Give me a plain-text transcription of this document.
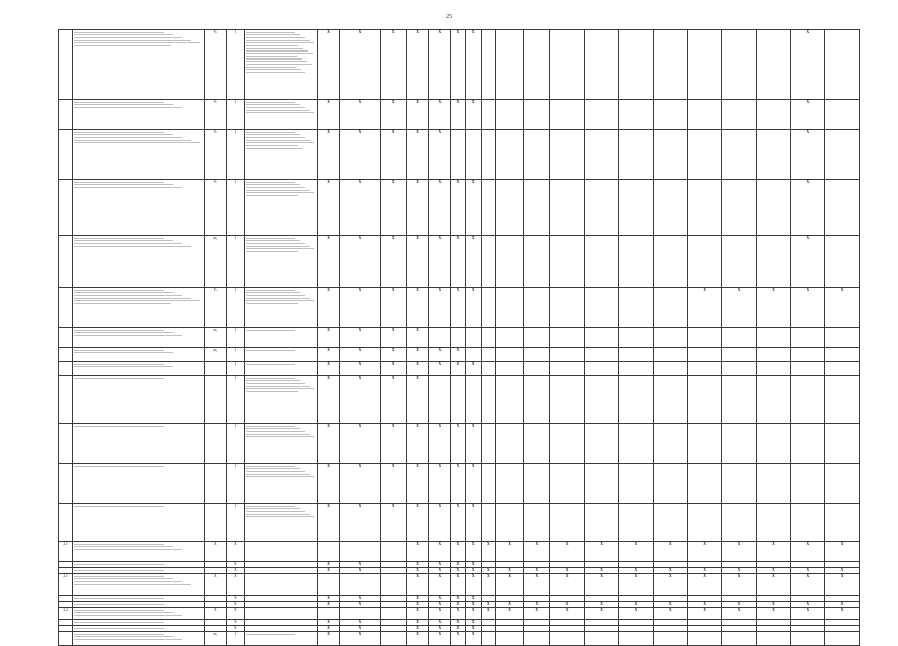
25

	%	1		Х	Х	Х	Х	Х	Х	Х											Х	

	%	1		Х	Х	Х	Х	Х	Х	Х											Х	

	%	1		Х	Х	Х	Х	Х													Х	

	%	1		Х	Х	Х	Х	Х	Х	Х											Х	

	ед.	1		Х	Х	Х	Х	Х	Х	Х											Х	

	%	1		Х	Х	Х	Х	Х	Х	Х								Х	Х	Х	Х	Х

	ед.	1		Х	Х	Х	Х															

	ед.	1		Х	Х	Х	Х	Х	Х													

		1		Х	Х	Х	Х	Х	Х	Х												

		1		Х	Х	Х	Х															

		1		Х	Х	Х	Х	Х	Х	Х												

		1		Х	Х	Х	Х	Х	Х	Х												

		1		Х	Х	Х	Х	Х	Х	Х												
2.1		Х	Х					Х	Х	Х	Х	Х	Х	Х	Х	Х	Х	Х	Х	Х	Х	Х	Х

		Х		Х	Х		Х	Х	Х	Х												

		Х		Х	Х		Х	Х	Х	Х	Х	Х	Х	Х	Х	Х	Х	Х	Х	Х	Х	Х
2.1		Х	Х					Х	Х	Х	Х	Х	Х	Х	Х	Х	Х	Х	Х	Х	Х	Х	Х

		Х		Х	Х		Х	Х	Х	Х												

		Х		Х	Х		Х	Х	Х	Х	Х	Х	Х	Х	Х	Х	Х	Х	Х	Х	Х	Х
2.2		Х	Х					Х	Х	Х	Х	Х	Х	Х	Х	Х	Х	Х	Х	Х	Х	Х	Х

		Х		Х	Х		Х	Х	Х	Х												

		Х		Х	Х		Х	Х	Х	Х												

	ед.	1		Х	Х		Х	Х	Х	Х												
